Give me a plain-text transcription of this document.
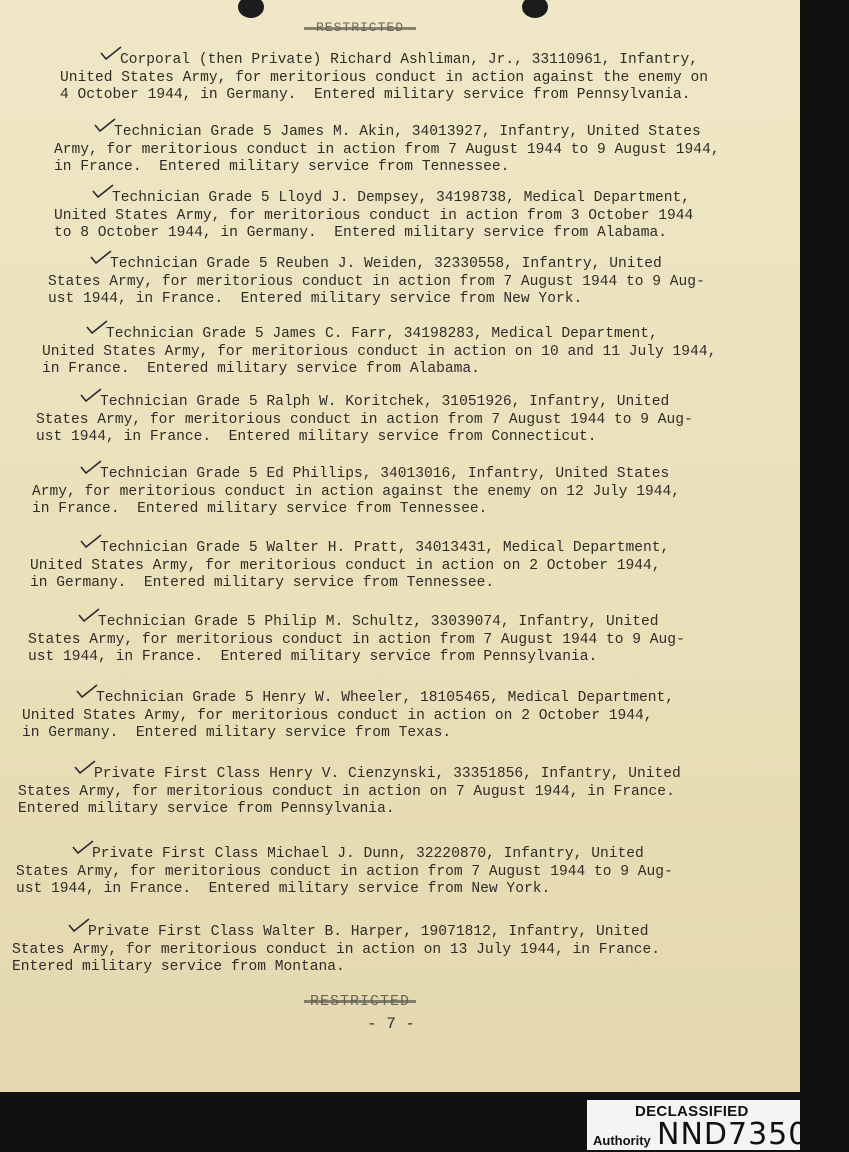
Corporal (then Private) Richard Ashliman, Jr., 33110961, Infantry,
United States Army, for meritorious conduct in action against the enemy on
4 October 1944, in Germany.  Entered military service from Pennsylvania.
Technician Grade 5 James M. Akin, 34013927, Infantry, United States
Army, for meritorious conduct in action from 7 August 1944 to 9 August 1944,
in France.  Entered military service from Tennessee.
Technician Grade 5 Lloyd J. Dempsey, 34198738, Medical Department,
United States Army, for meritorious conduct in action from 3 October 1944
to 8 October 1944, in Germany.  Entered military service from Alabama.
Technician Grade 5 Reuben J. Weiden, 32330558, Infantry, United
States Army, for meritorious conduct in action from 7 August 1944 to 9 Aug-
ust 1944, in France.  Entered military service from New York.
Technician Grade 5 James C. Farr, 34198283, Medical Department,
United States Army, for meritorious conduct in action on 10 and 11 July 1944,
in France.  Entered military service from Alabama.
Technician Grade 5 Ralph W. Koritchek, 31051926, Infantry, United
States Army, for meritorious conduct in action from 7 August 1944 to 9 Aug-
ust 1944, in France.  Entered military service from Connecticut.
Technician Grade 5 Ed Phillips, 34013016, Infantry, United States
Army, for meritorious conduct in action against the enemy on 12 July 1944,
in France.  Entered military service from Tennessee.
Technician Grade 5 Walter H. Pratt, 34013431, Medical Department,
United States Army, for meritorious conduct in action on 2 October 1944,
in Germany.  Entered military service from Tennessee.
Technician Grade 5 Philip M. Schultz, 33039074, Infantry, United
States Army, for meritorious conduct in action from 7 August 1944 to 9 Aug-
ust 1944, in France.  Entered military service from Pennsylvania.
Technician Grade 5 Henry W. Wheeler, 18105465, Medical Department,
United States Army, for meritorious conduct in action on 2 October 1944,
in Germany.  Entered military service from Texas.
Private First Class Henry V. Cienzynski, 33351856, Infantry, United
States Army, for meritorious conduct in action on 7 August 1944, in France.
Entered military service from Pennsylvania.
Private First Class Michael J. Dunn, 32220870, Infantry, United
States Army, for meritorious conduct in action from 7 August 1944 to 9 Aug-
ust 1944, in France.  Entered military service from New York.
Private First Class Walter B. Harper, 19071812, Infantry, United
States Army, for meritorious conduct in action on 13 July 1944, in France.
Entered military service from Montana.
- 7 -
DECLASSIFIED
Authority NND735017
